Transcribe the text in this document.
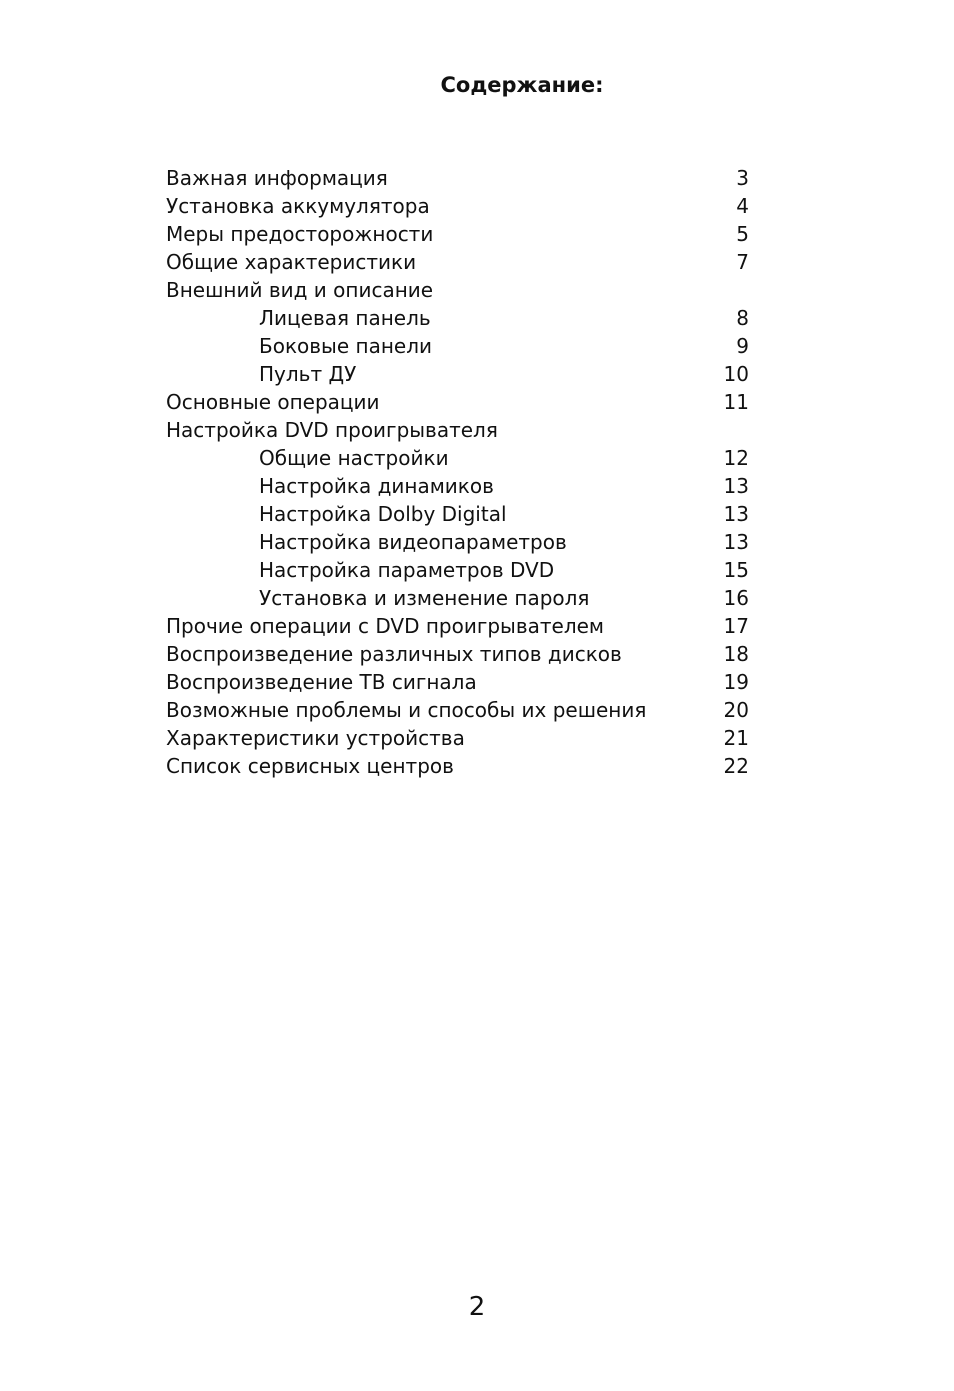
Содержание:
Важная информация	3
Установка аккумулятора	4
Меры предосторожности	5
Общие характеристики	7
Внешний вид и описание
Лицевая панель	8
Боковые панели	9
Пульт ДУ	10
Основные операции	11
Настройка DVD проигрывателя
Общие настройки	12
Настройка динамиков	13
Настройка Dolby Digital	13
Настройка видеопараметров	13
Настройка параметров DVD	15
Установка и изменение пароля	16
Прочие операции с DVD проигрывателем	17
Воспроизведение различных типов дисков	18
Воспроизведение ТВ сигнала	19
Возможные проблемы и способы их решения	20
Характеристики устройства	21
Список сервисных центров	22
2
